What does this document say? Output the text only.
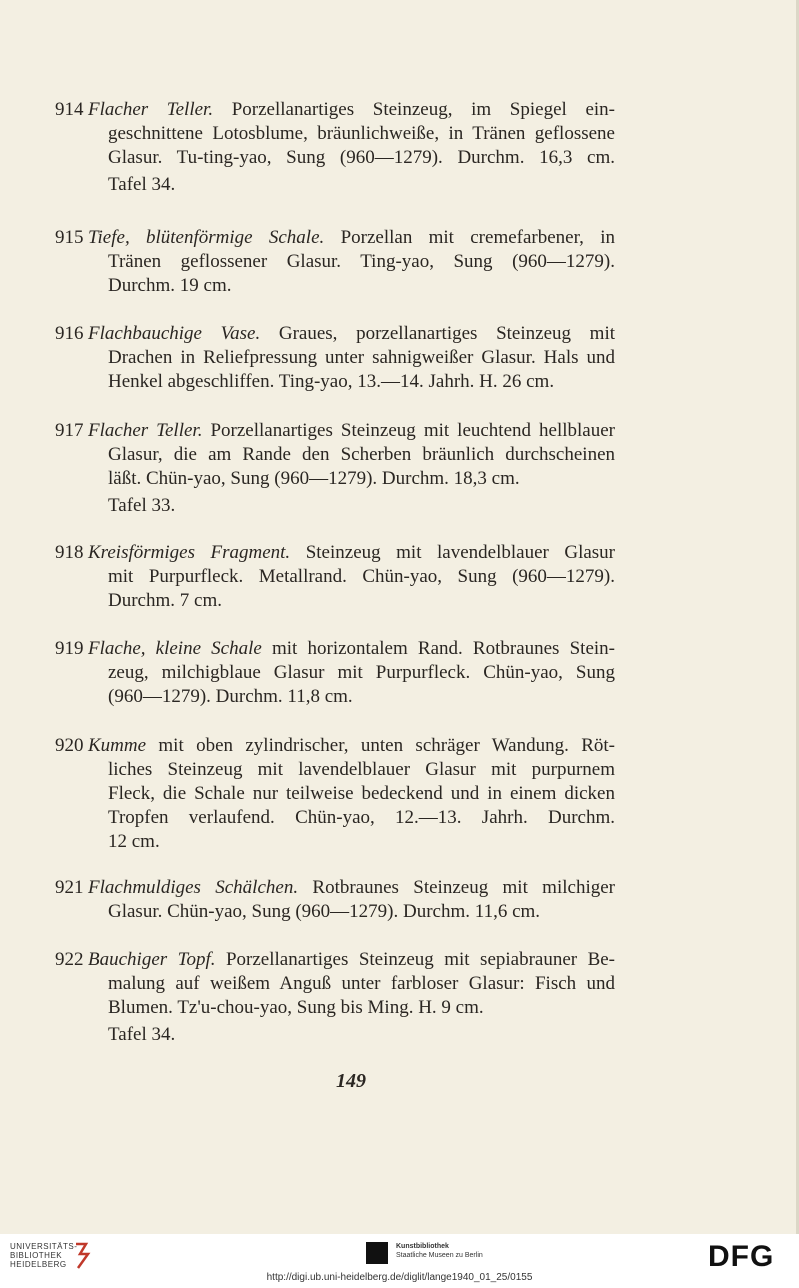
914 Flacher Teller. Porzellanartiges Steinzeug, im Spiegel ein-
geschnittene Lotosblume, bräunlichweiße, in Tränen geflossene
Glasur. Tu-ting-yao, Sung (960—1279). Durchm. 16,3 cm.
Tafel 34.
915 Tiefe, blütenförmige Schale. Porzellan mit cremefarbener, in
Tränen geflossener Glasur. Ting-yao, Sung (960—1279).
Durchm. 19 cm.
916 Flachbauchige Vase. Graues, porzellanartiges Steinzeug mit
Drachen in Reliefpressung unter sahnigweißer Glasur. Hals und
Henkel abgeschliffen. Ting-yao, 13.—14. Jahrh. H. 26 cm.
917 Flacher Teller. Porzellanartiges Steinzeug mit leuchtend hellblauer
Glasur, die am Rande den Scherben bräunlich durchscheinen
läßt. Chün-yao, Sung (960—1279). Durchm. 18,3 cm.
Tafel 33.
918 Kreisförmiges Fragment. Steinzeug mit lavendelblauer Glasur
mit Purpurfleck. Metallrand. Chün-yao, Sung (960—1279).
Durchm. 7 cm.
919 Flache, kleine Schale mit horizontalem Rand. Rotbraunes Stein-
zeug, milchigblaue Glasur mit Purpurfleck. Chün-yao, Sung
(960—1279). Durchm. 11,8 cm.
920 Kumme mit oben zylindrischer, unten schräger Wandung. Röt-
liches Steinzeug mit lavendelblauer Glasur mit purpurnem
Fleck, die Schale nur teilweise bedeckend und in einem dicken
Tropfen verlaufend. Chün-yao, 12.—13. Jahrh. Durchm.
12 cm.
921 Flachmuldiges Schälchen. Rotbraunes Steinzeug mit milchiger
Glasur. Chün-yao, Sung (960—1279). Durchm. 11,6 cm.
922 Bauchiger Topf. Porzellanartiges Steinzeug mit sepiabrauner Be-
malung auf weißem Anguß unter farbloser Glasur: Fisch und
Blumen. Tz'u-chou-yao, Sung bis Ming. H. 9 cm.
Tafel 34.
149
UNIVERSITÄTS-
BIBLIOTHEK
HEIDELBERG
Kunstbibliothek
Staatliche Museen zu Berlin	DFG
http://digi.ub.uni-heidelberg.de/diglit/lange1940_01_25/0155
